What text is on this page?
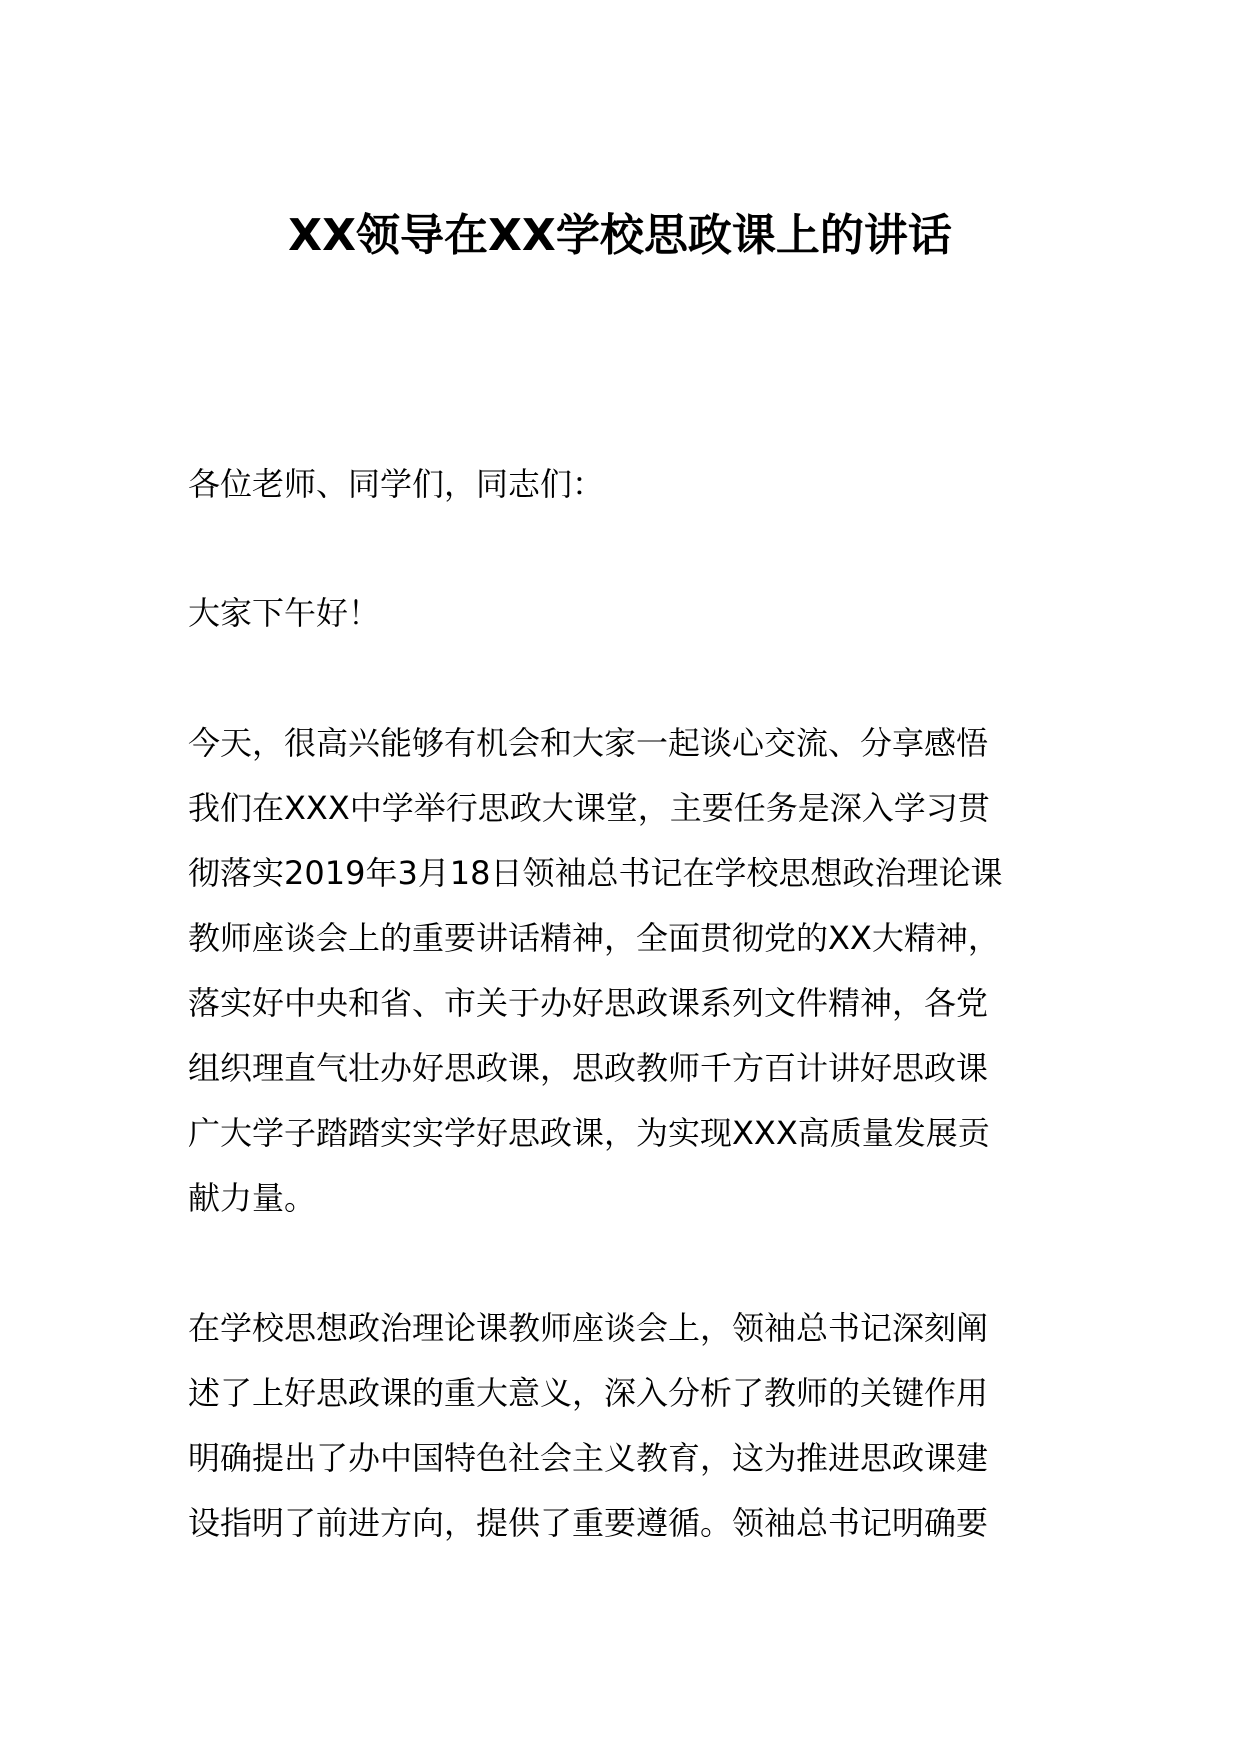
XX领导在XX学校思政课上的讲话
各位老师、同学们，同志们：
大家下午好！
今天，很高兴能够有机会和大家一起谈心交流、分享感悟
我们在XXX中学举行思政大课堂，主要任务是深入学习贯
彻落实2019年3月18日领袖总书记在学校思想政治理论课
教师座谈会上的重要讲话精神，全面贯彻党的XX大精神，
落实好中央和省、市关于办好思政课系列文件精神，各党
组织理直气壮办好思政课，思政教师千方百计讲好思政课
广大学子踏踏实实学好思政课，为实现XXX高质量发展贡
献力量。
在学校思想政治理论课教师座谈会上，领袖总书记深刻阐
述了上好思政课的重大意义，深入分析了教师的关键作用
明确提出了办中国特色社会主义教育，这为推进思政课建
设指明了前进方向，提供了重要遵循。领袖总书记明确要
